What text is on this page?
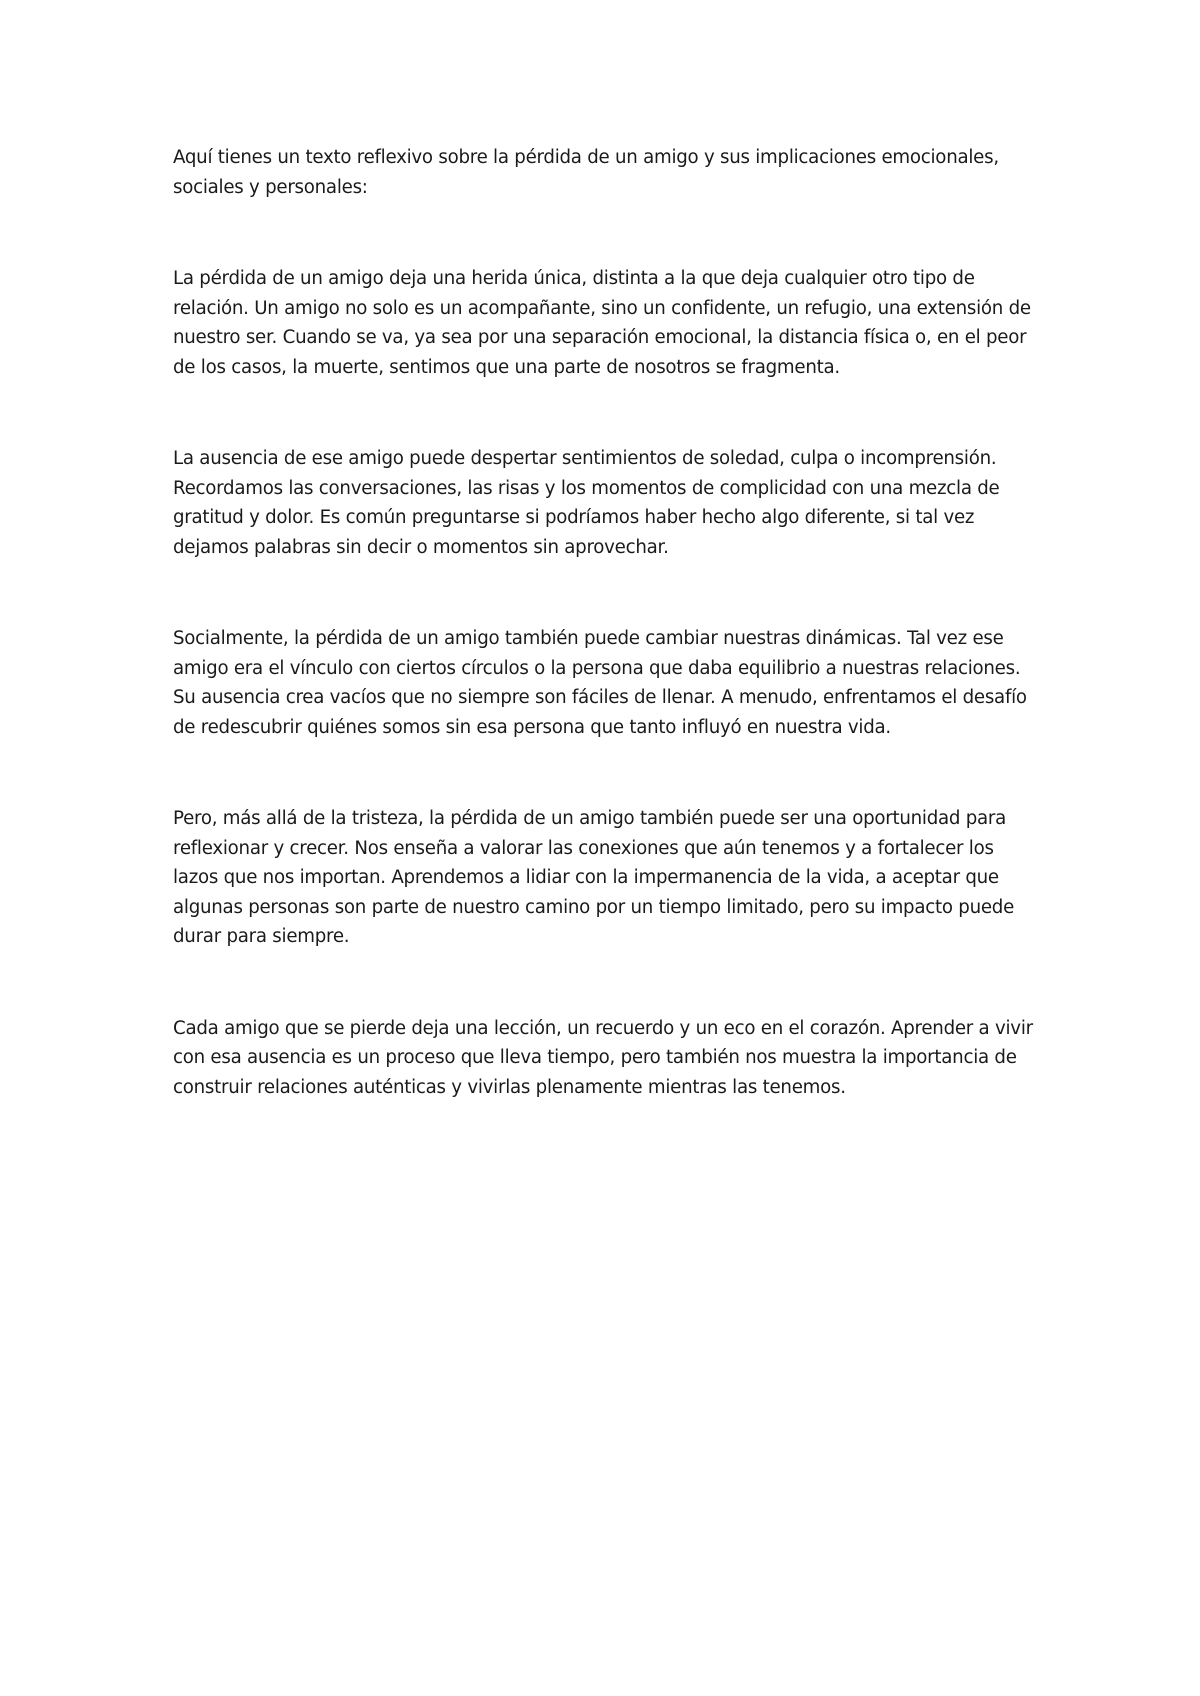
Aquí tienes un texto reflexivo sobre la pérdida de un amigo y sus implicaciones emocionales, sociales y personales:

La pérdida de un amigo deja una herida única, distinta a la que deja cualquier otro tipo de relación. Un amigo no solo es un acompañante, sino un confidente, un refugio, una extensión de nuestro ser. Cuando se va, ya sea por una separación emocional, la distancia física o, en el peor de los casos, la muerte, sentimos que una parte de nosotros se fragmenta.

La ausencia de ese amigo puede despertar sentimientos de soledad, culpa o incomprensión. Recordamos las conversaciones, las risas y los momentos de complicidad con una mezcla de gratitud y dolor. Es común preguntarse si podríamos haber hecho algo diferente, si tal vez dejamos palabras sin decir o momentos sin aprovechar.

Socialmente, la pérdida de un amigo también puede cambiar nuestras dinámicas. Tal vez ese amigo era el vínculo con ciertos círculos o la persona que daba equilibrio a nuestras relaciones. Su ausencia crea vacíos que no siempre son fáciles de llenar. A menudo, enfrentamos el desafío de redescubrir quiénes somos sin esa persona que tanto influyó en nuestra vida.

Pero, más allá de la tristeza, la pérdida de un amigo también puede ser una oportunidad para reflexionar y crecer. Nos enseña a valorar las conexiones que aún tenemos y a fortalecer los lazos que nos importan. Aprendemos a lidiar con la impermanencia de la vida, a aceptar que algunas personas son parte de nuestro camino por un tiempo limitado, pero su impacto puede durar para siempre.

Cada amigo que se pierde deja una lección, un recuerdo y un eco en el corazón. Aprender a vivir con esa ausencia es un proceso que lleva tiempo, pero también nos muestra la importancia de construir relaciones auténticas y vivirlas plenamente mientras las tenemos.
